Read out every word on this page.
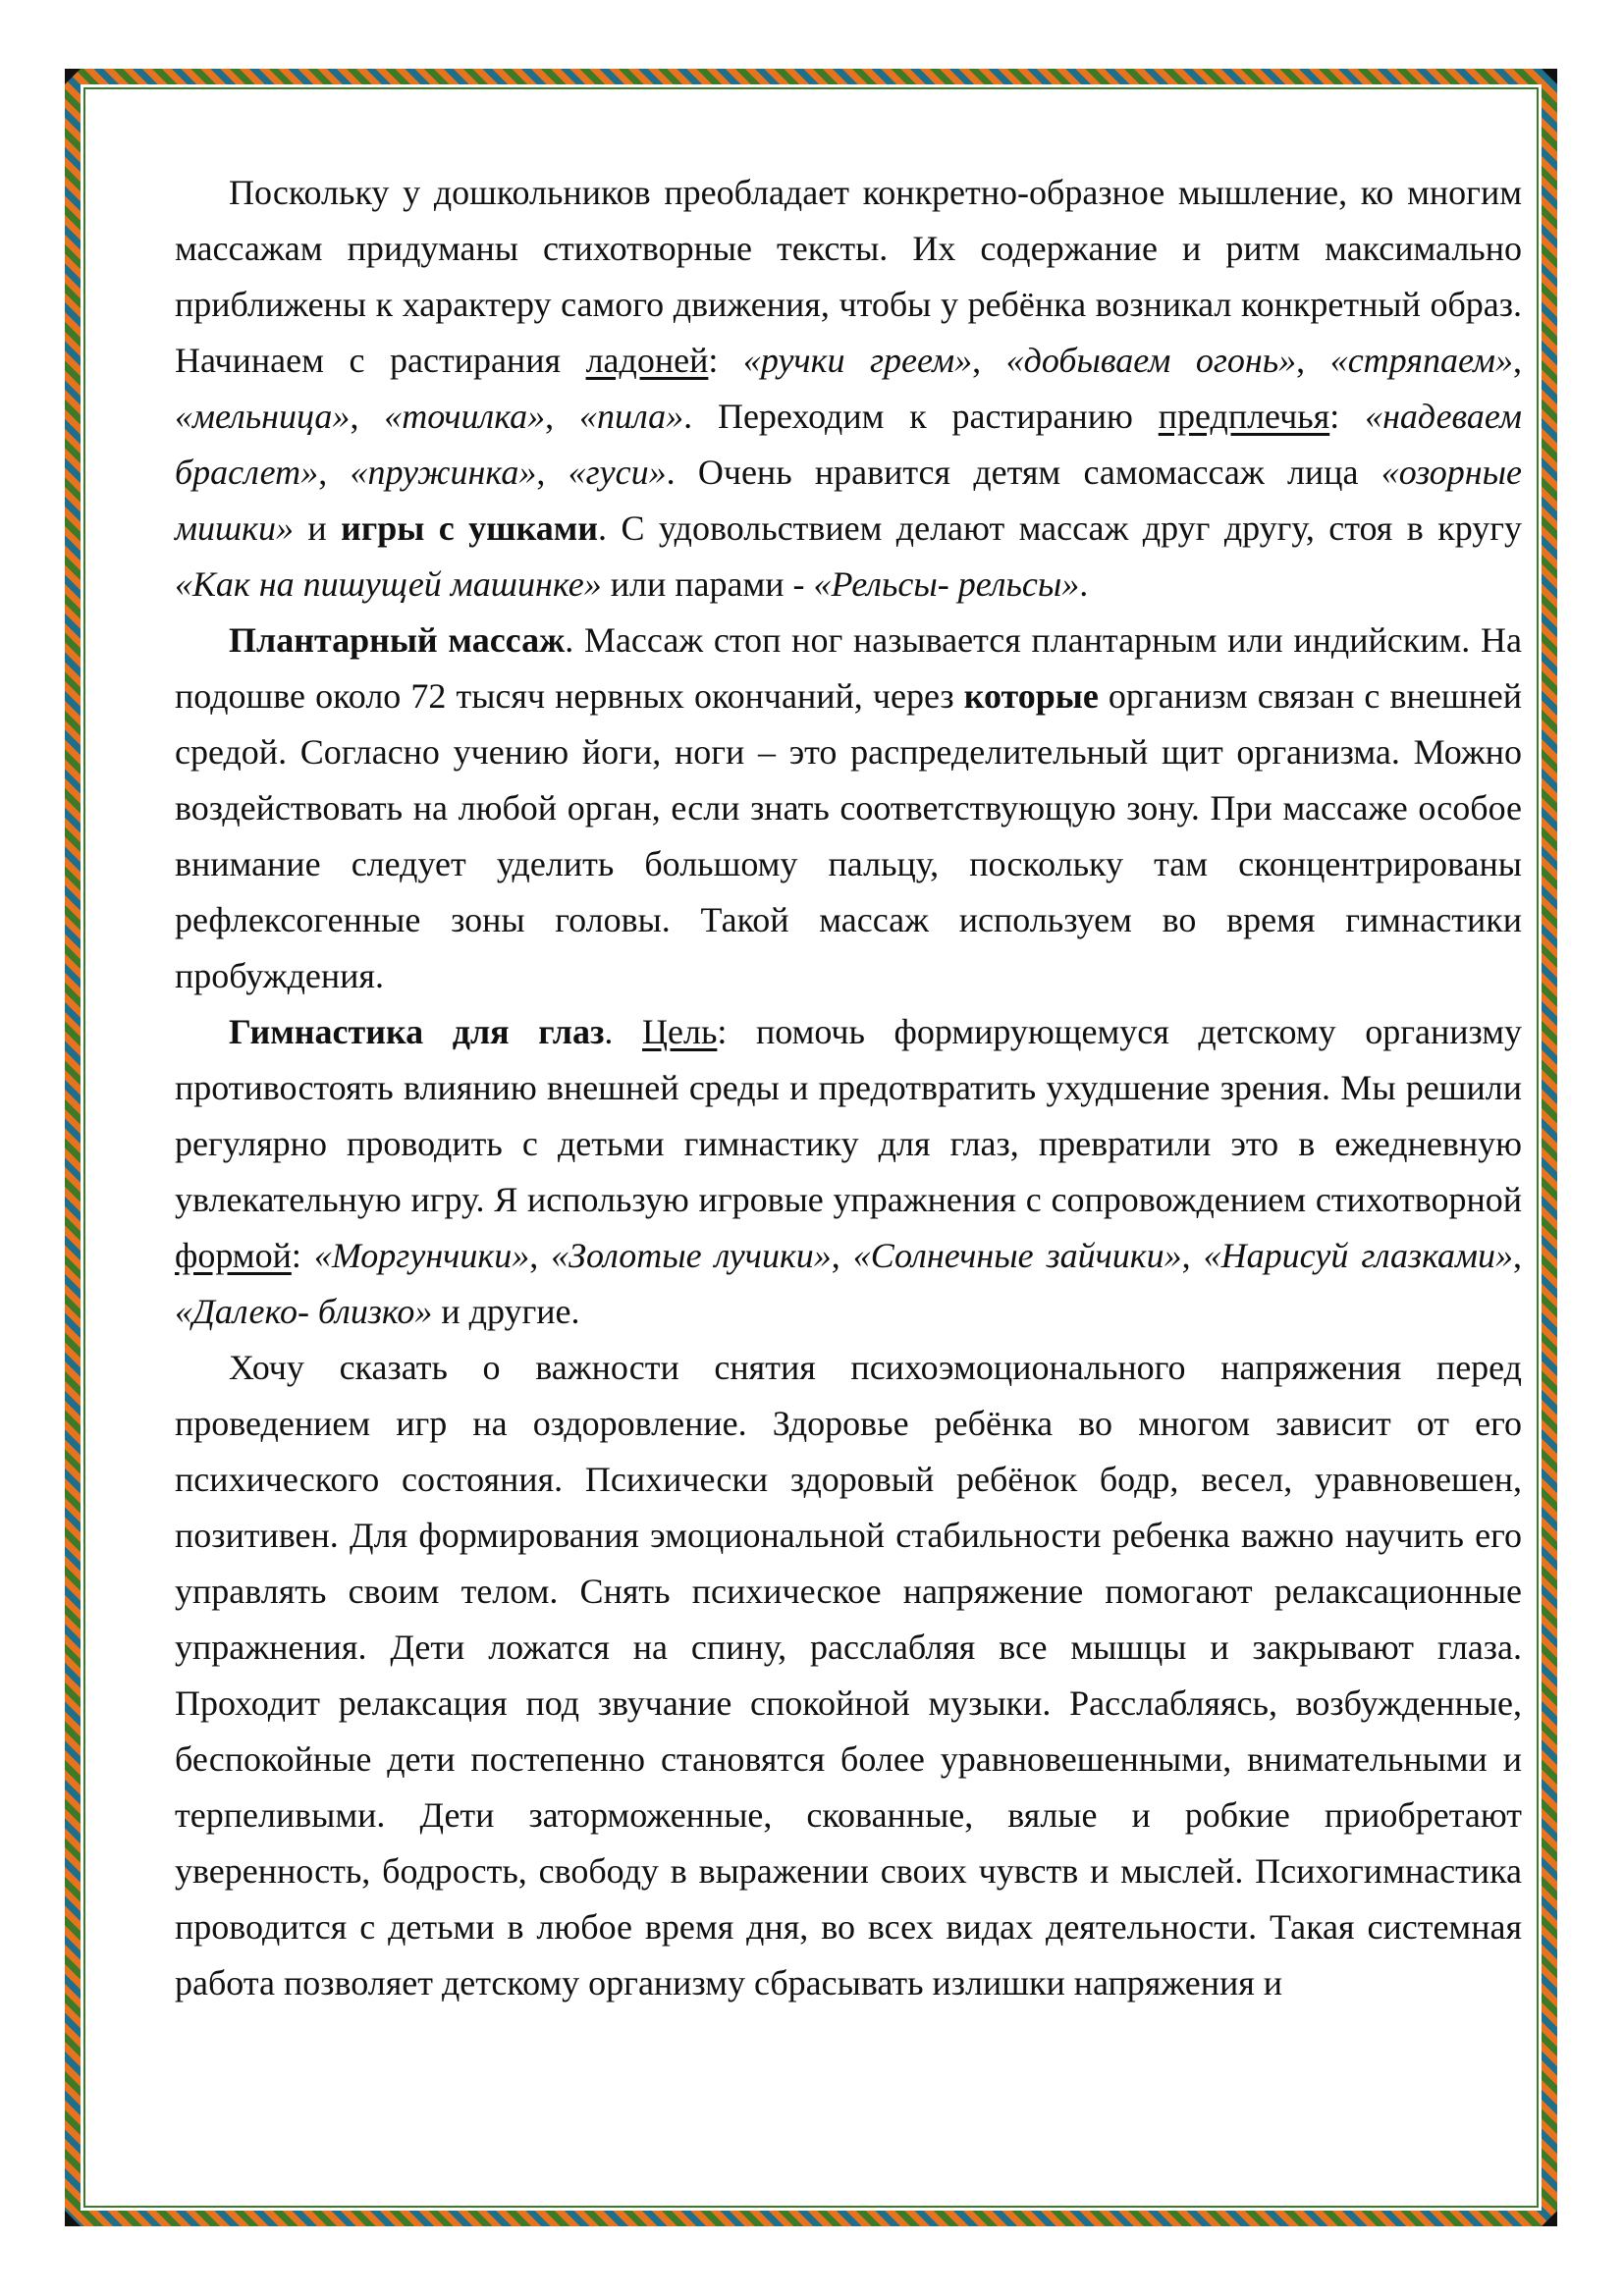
Поскольку у дошкольников преобладает конкретно-образное мышление, ко многим массажам придуманы стихотворные тексты. Их содержание и ритм максимально приближены к характеру самого движения, чтобы у ребёнка возникал конкретный образ. Начинаем с растирания ладоней: «ручки греем», «добываем огонь», «стряпаем», «мельница», «точилка», «пила». Переходим к растиранию предплечья: «надеваем браслет», «пружинка», «гуси». Очень нравится детям самомассаж лица «озорные мишки» и игры с ушками. С удовольствием делают массаж друг другу, стоя в кругу «Как на пишущей машинке» или парами - «Рельсы- рельсы».

Плантарный массаж. Массаж стоп ног называется плантарным или индийским. На подошве около 72 тысяч нервных окончаний, через которые организм связан с внешней средой. Согласно учению йоги, ноги – это распределительный щит организма. Можно воздействовать на любой орган, если знать соответствующую зону. При массаже особое внимание следует уделить большому пальцу, поскольку там сконцентрированы рефлексогенные зоны головы. Такой массаж используем во время гимнастики пробуждения.

Гимнастика для глаз. Цель: помочь формирующемуся детскому организму противостоять влиянию внешней среды и предотвратить ухудшение зрения. Мы решили регулярно проводить с детьми гимнастику для глаз, превратили это в ежедневную увлекательную игру. Я использую игровые упражнения с сопровождением стихотворной формой: «Моргунчики», «Золотые лучики», «Солнечные зайчики», «Нарисуй глазками», «Далеко- близко» и другие.

Хочу сказать о важности снятия психоэмоционального напряжения перед проведением игр на оздоровление. Здоровье ребёнка во многом зависит от его психического состояния. Психически здоровый ребёнок бодр, весел, уравновешен, позитивен. Для формирования эмоциональной стабильности ребенка важно научить его управлять своим телом. Снять психическое напряжение помогают релаксационные упражнения. Дети ложатся на спину, расслабляя все мышцы и закрывают глаза. Проходит релаксация под звучание спокойной музыки. Расслабляясь, возбужденные, беспокойные дети постепенно становятся более уравновешенными, внимательными и терпеливыми. Дети заторможенные, скованные, вялые и робкие приобретают уверенность, бодрость, свободу в выражении своих чувств и мыслей. Психогимнастика проводится с детьми в любое время дня, во всех видах деятельности. Такая системная работа позволяет детскому организму сбрасывать излишки напряжения и
